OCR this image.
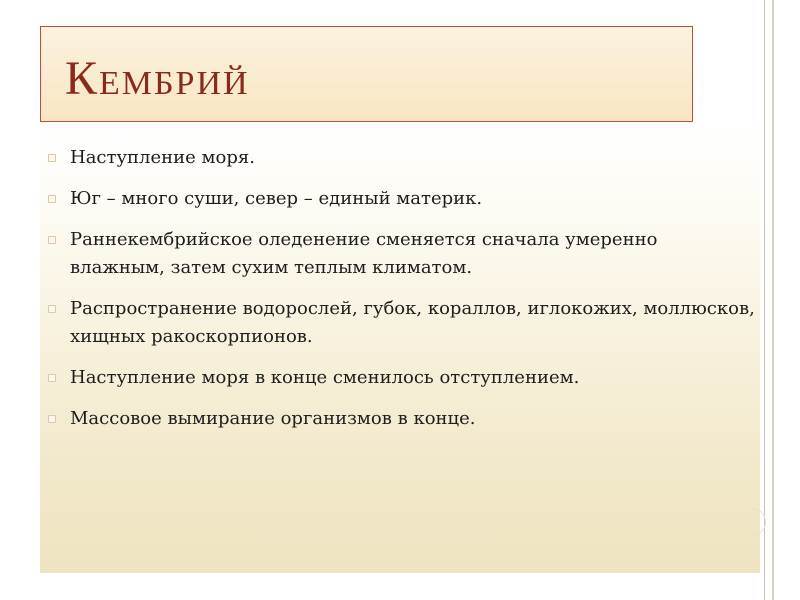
Кембрий
Наступление моря.
Юг – много суши, север – единый материк.
Раннекембрийское оледенение сменяется сначала умеренно влажным, затем сухим теплым климатом.
Распространение водорослей, губок, кораллов, иглокожих, моллюсков, хищных ракоскорпионов.
Наступление моря в конце сменилось отступлением.
Массовое вымирание организмов в конце.
